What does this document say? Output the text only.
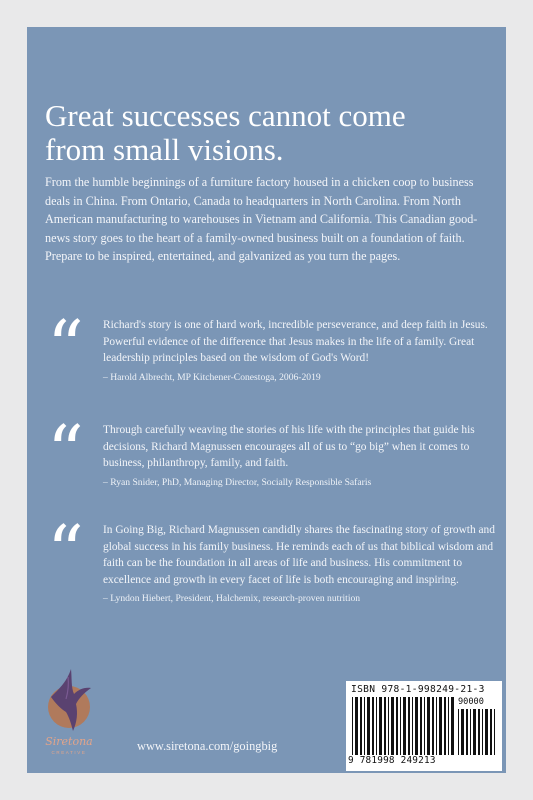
Great successes cannot come
from small visions.

From the humble beginnings of a furniture factory housed in a chicken coop to business deals in China. From Ontario, Canada to headquarters in North Carolina. From North American manufacturing to warehouses in Vietnam and California. This Canadian good-news story goes to the heart of a family-owned business built on a foundation of faith. Prepare to be inspired, entertained, and galvanized as you turn the pages.

“ Richard's story is one of hard work, incredible perseverance, and deep faith in Jesus. Powerful evidence of the difference that Jesus makes in the life of a family. Great leadership principles based on the wisdom of God's Word!
– Harold Albrecht, MP Kitchener-Conestoga, 2006-2019

“ Through carefully weaving the stories of his life with the principles that guide his decisions, Richard Magnussen encourages all of us to “go big” when it comes to business, philanthropy, family, and faith.
– Ryan Snider, PhD, Managing Director, Socially Responsible Safaris

“ In Going Big, Richard Magnussen candidly shares the fascinating story of growth and global success in his family business. He reminds each of us that biblical wisdom and faith can be the foundation in all areas of life and business. His commitment to excellence and growth in every facet of life is both encouraging and inspiring.
– Lyndon Hiebert, President, Halchemix, research-proven nutrition

Siretona
CREATIVE	www.siretona.com/goingbig
ISBN 978-1-998249-21-3
90000
9 781998 249213
